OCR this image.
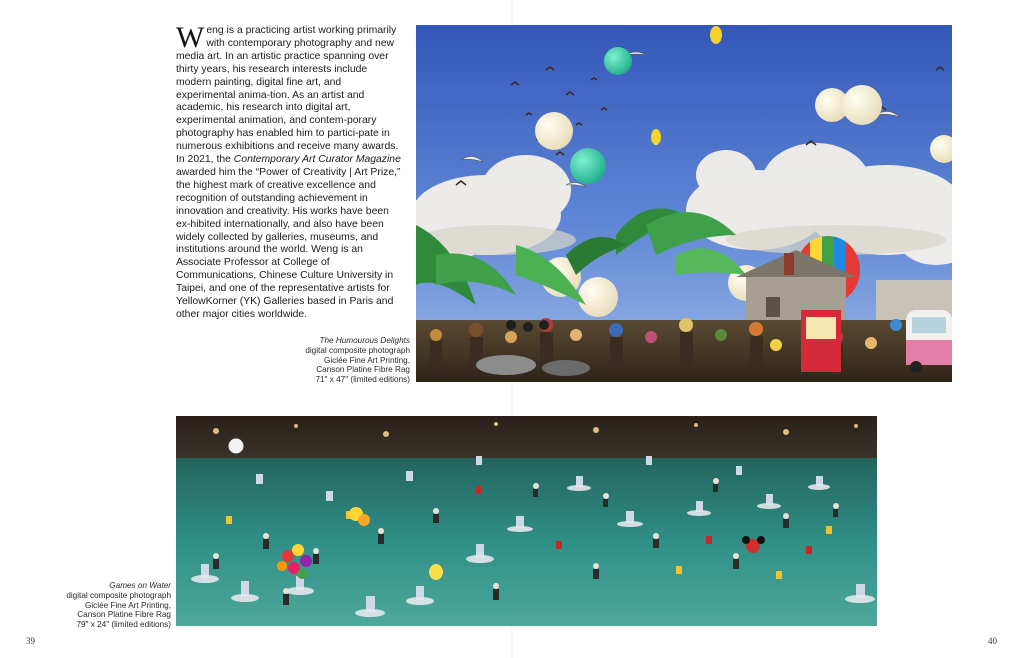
Weng is a practicing artist working primarily with contemporary photography and new media art. In an artistic practice spanning over thirty years, his research interests include modern painting, digital fine art, and experimental anima-tion. As an artist and academic, his research into digital art, experimental animation, and contem-porary photography has enabled him to partici-pate in numerous exhibitions and receive many awards. In 2021, the Contemporary Art Curator Magazine awarded him the “Power of Creativity | Art Prize,” the highest mark of creative excellence and recognition of outstanding achievement in innovation and creativity. His works have been ex-hibited internationally, and also have been widely collected by galleries, museums, and institutions around the world. Weng is an Associate Professor at College of Communications, Chinese Culture University in Taipei, and one of the representative artists for YellowKorner (YK) Galleries based in Paris and other major cities worldwide.
The Humourous Delights
digital composite photograph
Giclée Fine Art Printing,
Canson Platine Fibre Rag
71" x 47" (limited editions)
Games on Water
digital composite photograph
Giclée Fine Art Printing,
Canson Platine Fibre Rag
79" x 24" (limited editions)
39	40
